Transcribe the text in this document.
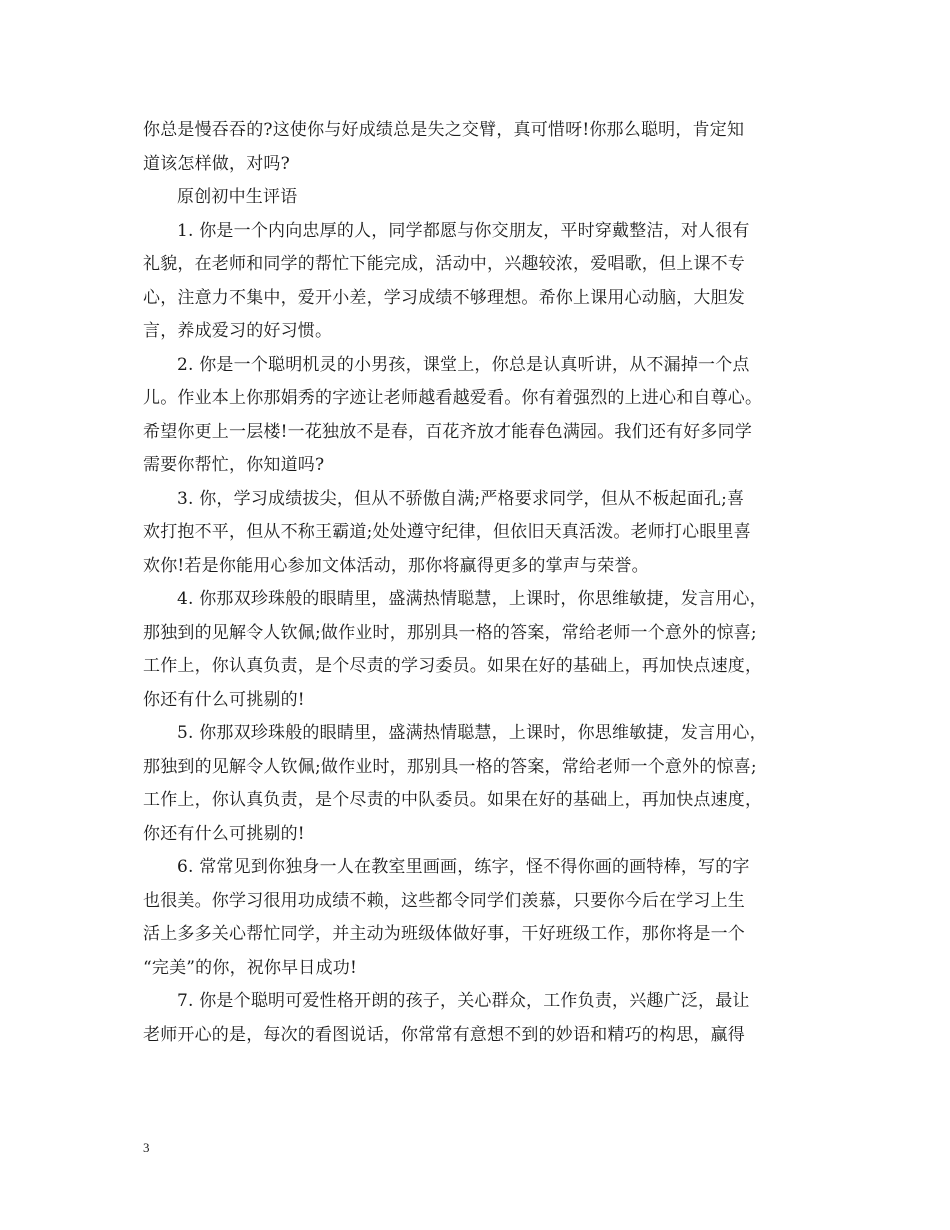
你总是慢吞吞的?这使你与好成绩总是失之交臂，真可惜呀!你那么聪明，肯定知
道该怎样做，对吗?
原创初中生评语
1. 你是一个内向忠厚的人，同学都愿与你交朋友，平时穿戴整洁，对人很有
礼貌，在老师和同学的帮忙下能完成，活动中，兴趣较浓，爱唱歌，但上课不专
心，注意力不集中，爱开小差，学习成绩不够理想。希你上课用心动脑，大胆发
言，养成爱习的好习惯。
2. 你是一个聪明机灵的小男孩，课堂上，你总是认真听讲，从不漏掉一个点
儿。作业本上你那娟秀的字迹让老师越看越爱看。你有着强烈的上进心和自尊心。
希望你更上一层楼!一花独放不是春，百花齐放才能春色满园。我们还有好多同学
需要你帮忙，你知道吗?
3. 你，学习成绩拔尖，但从不骄傲自满;严格要求同学，但从不板起面孔;喜
欢打抱不平，但从不称王霸道;处处遵守纪律，但依旧天真活泼。老师打心眼里喜
欢你!若是你能用心参加文体活动，那你将赢得更多的掌声与荣誉。
4. 你那双珍珠般的眼睛里，盛满热情聪慧，上课时，你思维敏捷，发言用心，
那独到的见解令人钦佩;做作业时，那别具一格的答案，常给老师一个意外的惊喜;
工作上，你认真负责，是个尽责的学习委员。如果在好的基础上，再加快点速度，
你还有什么可挑剔的!
5. 你那双珍珠般的眼睛里，盛满热情聪慧，上课时，你思维敏捷，发言用心，
那独到的见解令人钦佩;做作业时，那别具一格的答案，常给老师一个意外的惊喜;
工作上，你认真负责，是个尽责的中队委员。如果在好的基础上，再加快点速度，
你还有什么可挑剔的!
6. 常常见到你独身一人在教室里画画，练字，怪不得你画的画特棒，写的字
也很美。你学习很用功成绩不赖，这些都令同学们羡慕，只要你今后在学习上生
活上多多关心帮忙同学，并主动为班级体做好事，干好班级工作，那你将是一个
“完美”的你，祝你早日成功!
7. 你是个聪明可爱性格开朗的孩子，关心群众，工作负责，兴趣广泛，最让
老师开心的是，每次的看图说话，你常常有意想不到的妙语和精巧的构思，赢得
3
